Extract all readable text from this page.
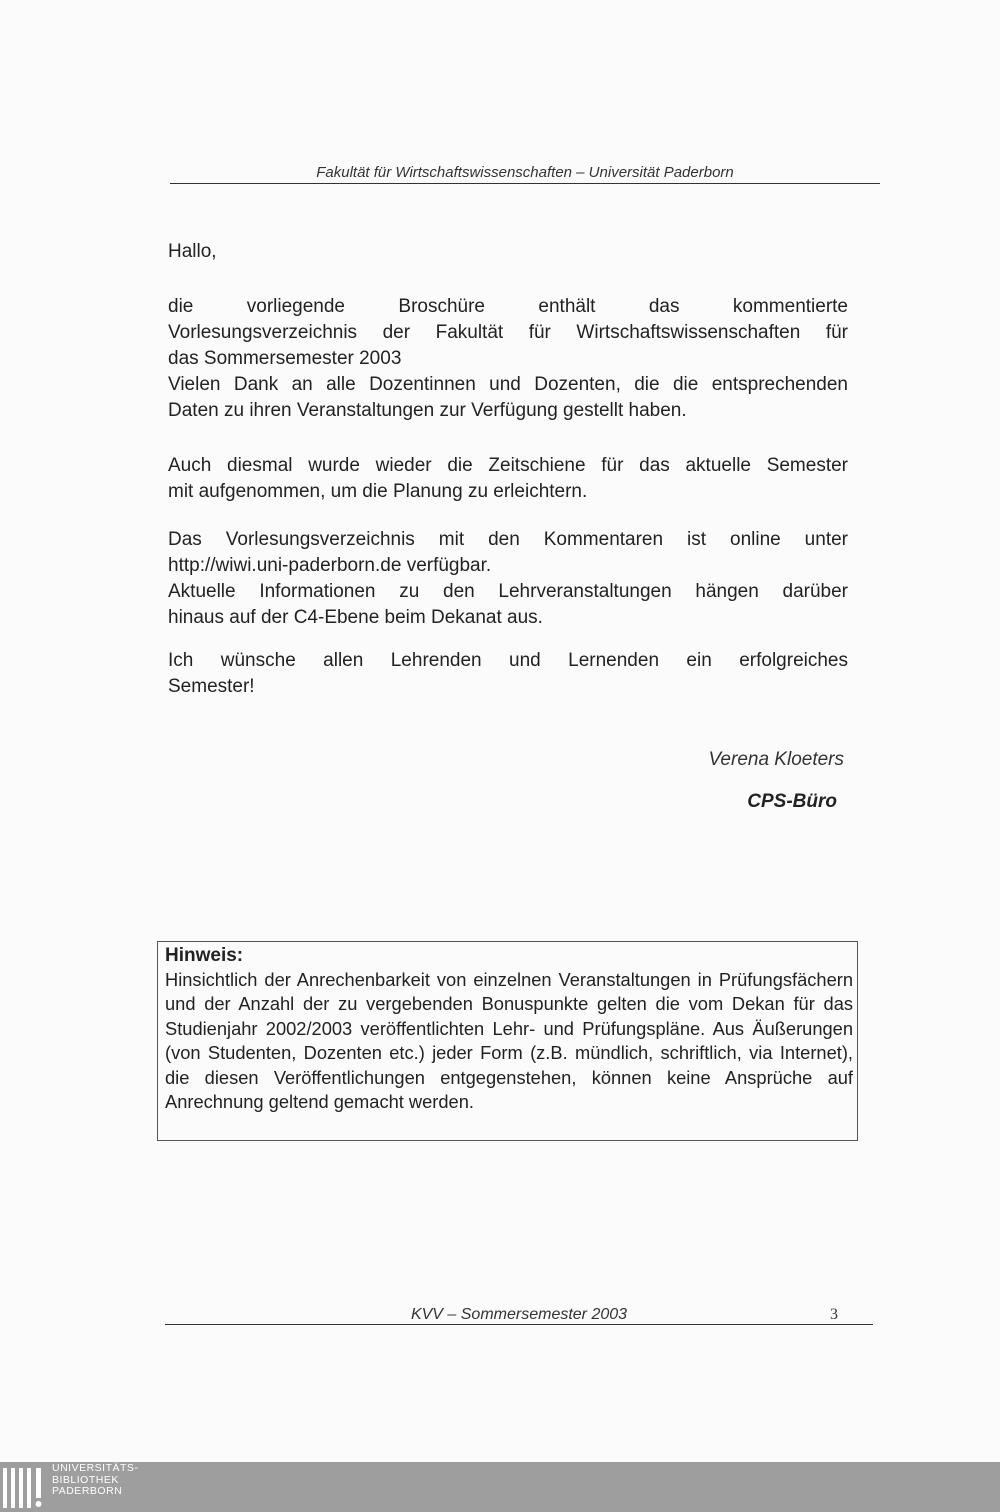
Fakultät für Wirtschaftswissenschaften – Universität Paderborn

Hallo,

die vorliegende Broschüre enthält das kommentierte
Vorlesungsverzeichnis der Fakultät für Wirtschaftswissenschaften für
das Sommersemester 2003
Vielen Dank an alle Dozentinnen und Dozenten, die die entsprechenden
Daten zu ihren Veranstaltungen zur Verfügung gestellt haben.
Auch diesmal wurde wieder die Zeitschiene für das aktuelle Semester
mit aufgenommen, um die Planung zu erleichtern.
Das Vorlesungsverzeichnis mit den Kommentaren ist online unter
http://wiwi.uni-paderborn.de verfügbar.
Aktuelle Informationen zu den Lehrveranstaltungen hängen darüber
hinaus auf der C4-Ebene beim Dekanat aus.
Ich wünsche allen Lehrenden und Lernenden ein erfolgreiches
Semester!
Verena Kloeters
CPS-Büro

Hinweis:

Hinsichtlich der Anrechenbarkeit von einzelnen Veranstaltungen in Prüfungsfächern und der Anzahl der zu vergebenden Bonuspunkte gelten die vom Dekan für das Studienjahr 2002/2003 veröffentlichten Lehr- und Prüfungspläne. Aus Äußerungen (von Studenten, Dozenten etc.) jeder Form (z.B. mündlich, schriftlich, via Internet), die diesen Veröffentlichungen entgegenstehen, können keine Ansprüche auf Anrechnung geltend gemacht werden.

KVV – Sommersemester 2003	3
UNIVERSITÄTS-
BIBLIOTHEK
PADERBORN
